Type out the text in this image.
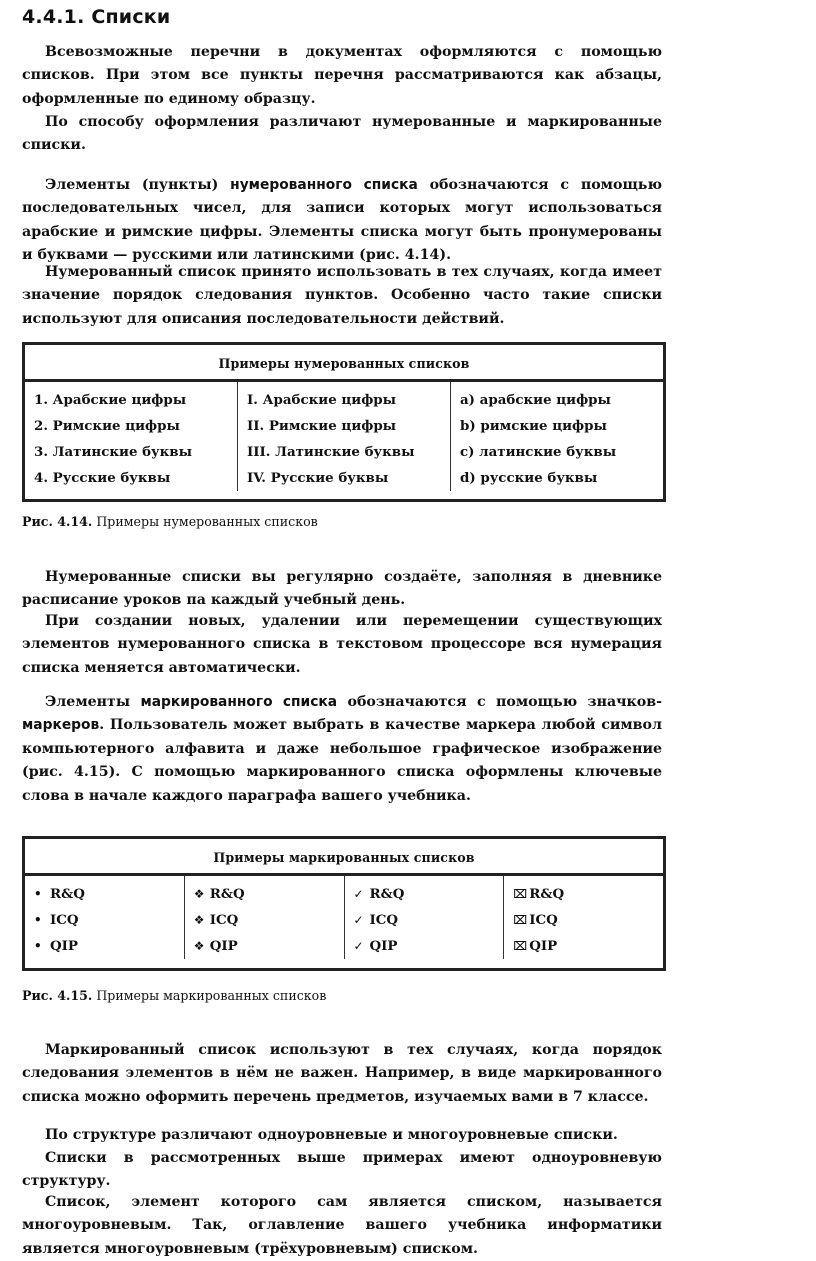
4.4.1. Списки

Всевозможные перечни в документах оформляются с помощью списков. При этом все пункты перечня рассматриваются как абзацы, оформленные по единому образцу.

По способу оформления различают нумерованные и маркированные списки.

Элементы (пункты) нумерованного списка обозначаются с помощью последовательных чисел, для записи которых могут использоваться арабские и римские цифры. Элементы списка могут быть пронумерованы и буквами — русскими или латинскими (рис. 4.14).

Нумерованный список принято использовать в тех случаях, когда имеет значение порядок следования пунктов. Особенно часто такие списки используют для описания последовательности действий.

Примеры нумерованных списков
1. Арабские цифры
2. Римские цифры
3. Латинские буквы
4. Русские буквы
I. Арабские цифры
II. Римские цифры
III. Латинские буквы
IV. Русские буквы
a) арабские цифры
b) римские цифры
c) латинские буквы
d) русские буквы

Рис. 4.14. Примеры нумерованных списков

Нумерованные списки вы регулярно создаёте, заполняя в дневнике расписание уроков па каждый учебный день.

При создании новых, удалении или перемещении существующих элементов нумерованного списка в текстовом процессоре вся нумерация списка меняется автоматически.

Элементы маркированного списка обозначаются с помощью значков-маркеров. Пользователь может выбрать в качестве маркера любой символ компьютерного алфавита и даже небольшое графическое изображение (рис. 4.15). С помощью маркированного списка оформлены ключевые слова в начале каждого параграфа вашего учебника.

Примеры маркированных списков
• R&Q
• ICQ
• QIP
❖ R&Q
❖ ICQ
❖ QIP
✓ R&Q
✓ ICQ
✓ QIP
⌧ R&Q
⌧ ICQ
⌧ QIP

Рис. 4.15. Примеры маркированных списков

Маркированный список используют в тех случаях, когда порядок следования элементов в нём не важен. Например, в виде маркированного списка можно оформить перечень предметов, изучаемых вами в 7 классе.

По структуре различают одноуровневые и многоуровневые списки.

Списки в рассмотренных выше примерах имеют одноуровневую структуру.

Список, элемент которого сам является списком, называется многоуровневым. Так, оглавление вашего учебника информатики является многоуровневым (трёхуровневым) списком.
